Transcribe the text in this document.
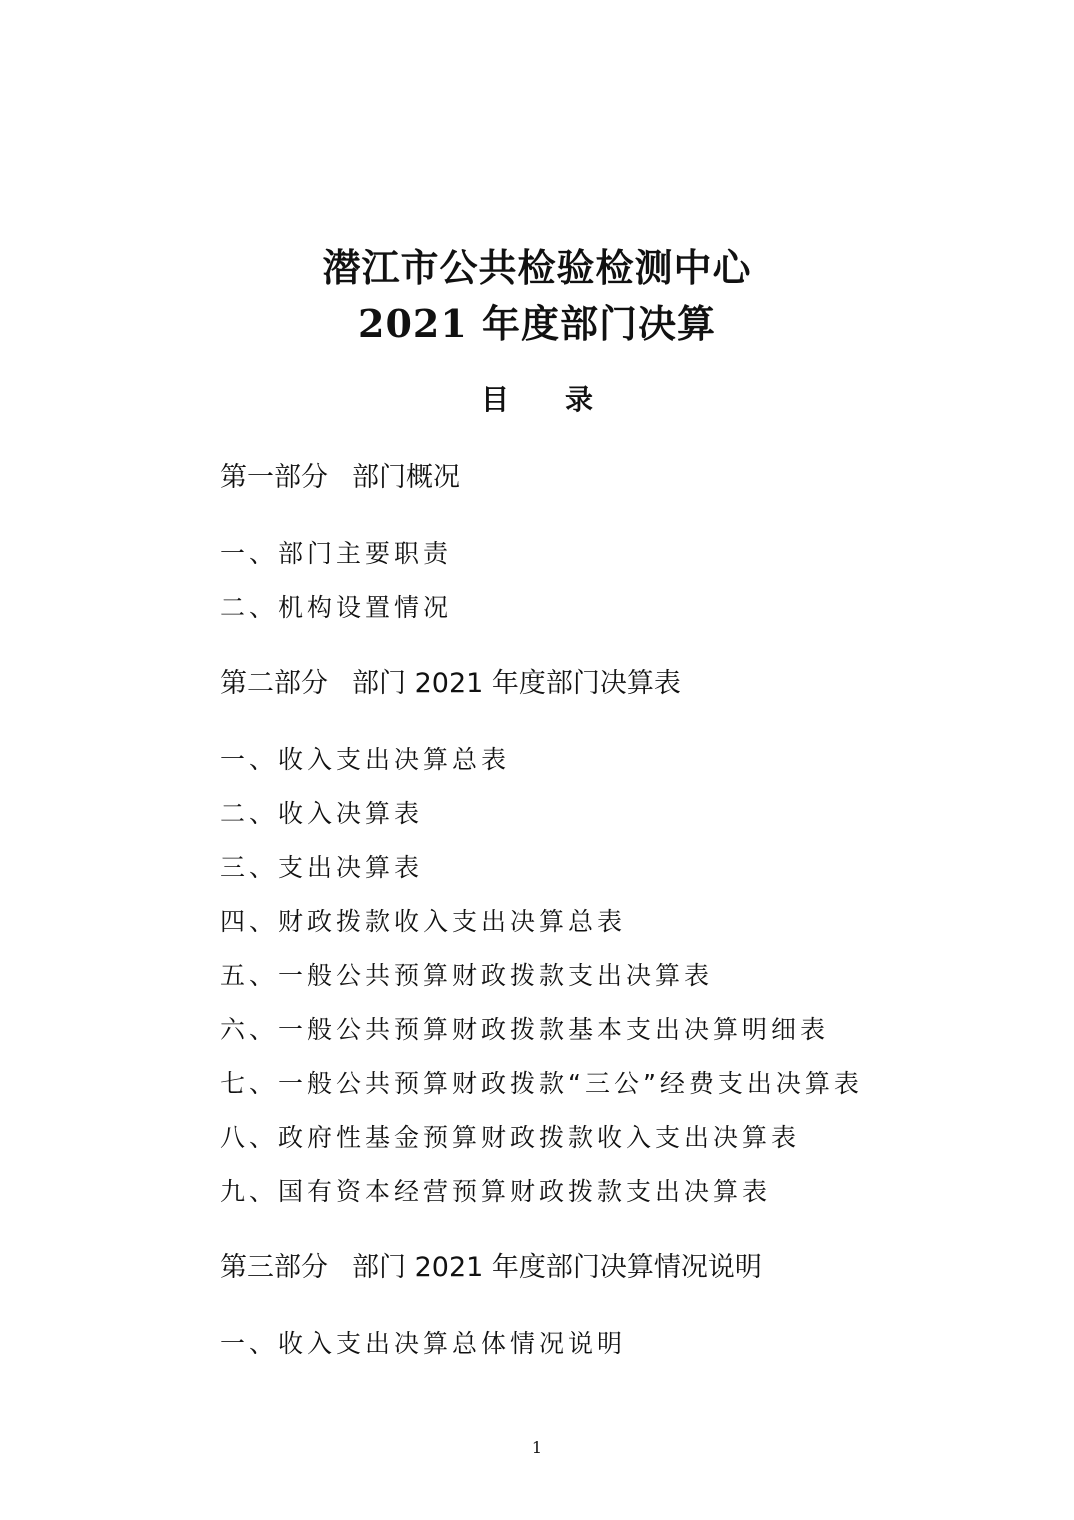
潜江市公共检验检测中心
2021 年度部门决算
目录
第一部分 部门概况
一、部门主要职责
二、机构设置情况
第二部分 部门 2021 年度部门决算表
一、收入支出决算总表
二、收入决算表
三、支出决算表
四、财政拨款收入支出决算总表
五、一般公共预算财政拨款支出决算表
六、一般公共预算财政拨款基本支出决算明细表
七、一般公共预算财政拨款“三公”经费支出决算表
八、政府性基金预算财政拨款收入支出决算表
九、国有资本经营预算财政拨款支出决算表
第三部分 部门 2021 年度部门决算情况说明
一、收入支出决算总体情况说明
1
